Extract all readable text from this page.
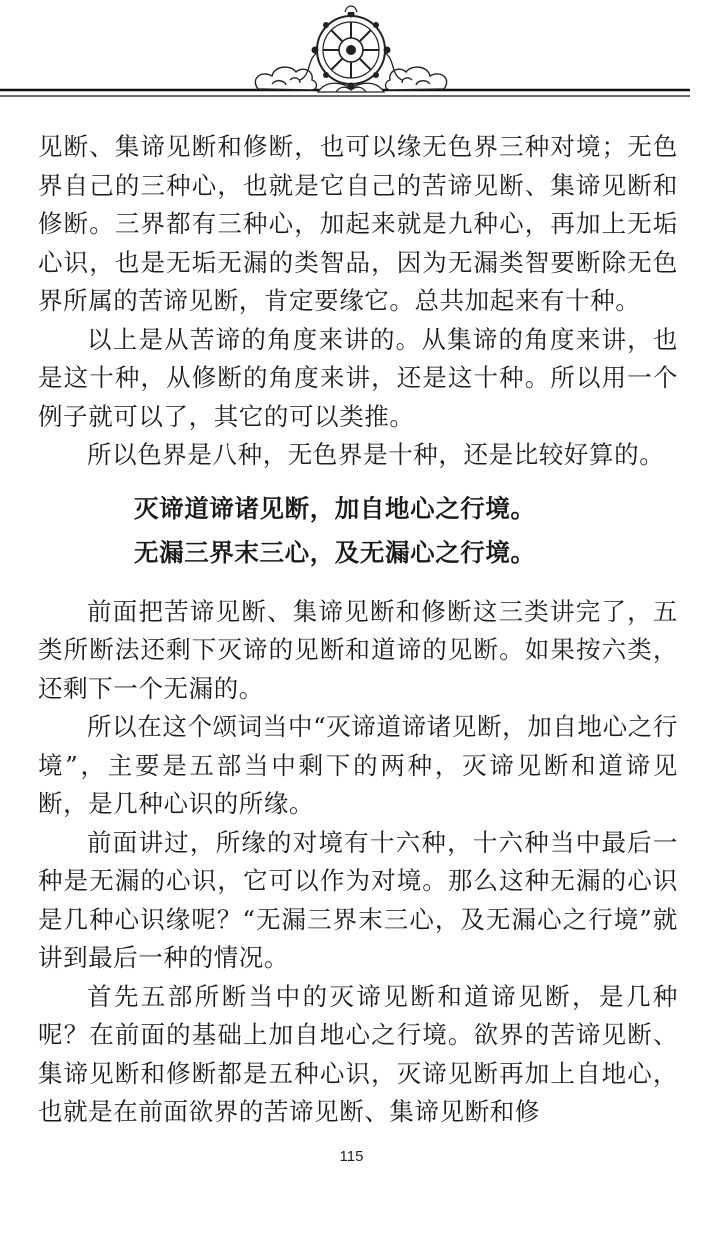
见断、集谛见断和修断，也可以缘无色界三种对境；无色界自己的三种心，也就是它自己的苦谛见断、集谛见断和修断。三界都有三种心，加起来就是九种心，再加上无垢心识，也是无垢无漏的类智品，因为无漏类智要断除无色界所属的苦谛见断，肯定要缘它。总共加起来有十种。

以上是从苦谛的角度来讲的。从集谛的角度来讲，也是这十种，从修断的角度来讲，还是这十种。所以用一个例子就可以了，其它的可以类推。

所以色界是八种，无色界是十种，还是比较好算的。

灭谛道谛诸见断，加自地心之行境。

无漏三界末三心，及无漏心之行境。

前面把苦谛见断、集谛见断和修断这三类讲完了，五类所断法还剩下灭谛的见断和道谛的见断。如果按六类，还剩下一个无漏的。

所以在这个颂词当中“灭谛道谛诸见断，加自地心之行境”，主要是五部当中剩下的两种，灭谛见断和道谛见断，是几种心识的所缘。

前面讲过，所缘的对境有十六种，十六种当中最后一种是无漏的心识，它可以作为对境。那么这种无漏的心识是几种心识缘呢？“无漏三界末三心，及无漏心之行境”就讲到最后一种的情况。

首先五部所断当中的灭谛见断和道谛见断，是几种呢？在前面的基础上加自地心之行境。欲界的苦谛见断、集谛见断和修断都是五种心识，灭谛见断再加上自地心，也就是在前面欲界的苦谛见断、集谛见断和修

115
